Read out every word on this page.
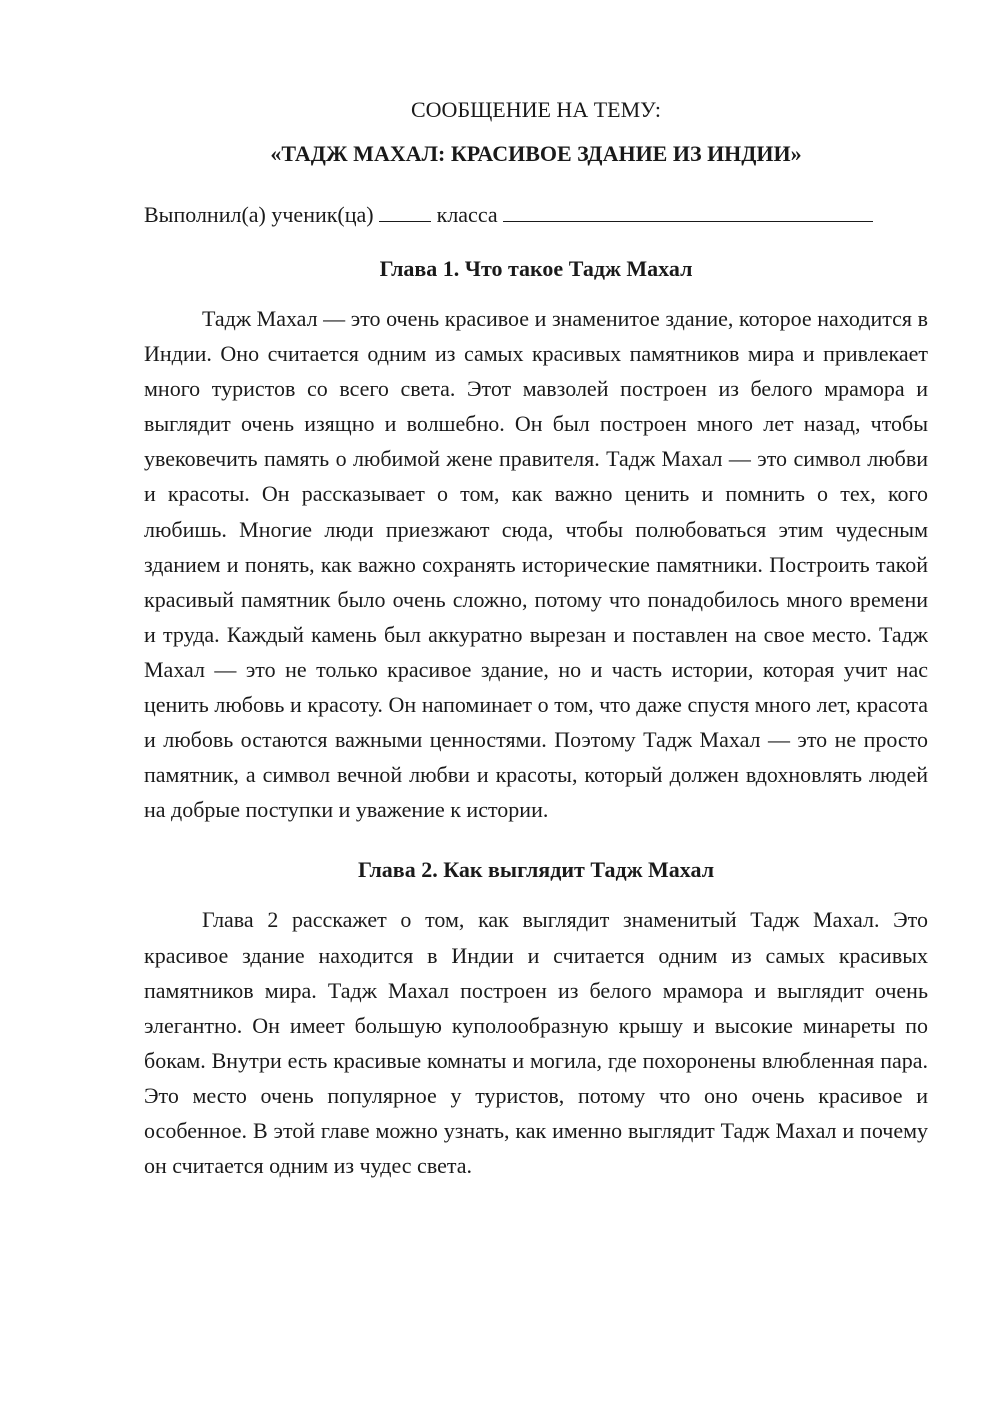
СООБЩЕНИЕ НА ТЕМУ:

«ТАДЖ МАХАЛ: КРАСИВОЕ ЗДАНИЕ ИЗ ИНДИИ»

Выполнил(а) ученик(ца)	класса

Глава 1. Что такое Тадж Махал

Тадж Махал — это очень красивое и знаменитое здание, которое находится в Индии. Оно считается одним из самых красивых памятников мира и привлекает много туристов со всего света. Этот мавзолей построен из белого мрамора и выглядит очень изящно и волшебно. Он был построен много лет назад, чтобы увековечить память о любимой жене правителя. Тадж Махал — это символ любви и красоты. Он рассказывает о том, как важно ценить и помнить о тех, кого любишь. Многие люди приезжают сюда, чтобы полюбоваться этим чудесным зданием и понять, как важно сохранять исторические памятники. Построить такой красивый памятник было очень сложно, потому что понадобилось много времени и труда. Каждый камень был аккуратно вырезан и поставлен на свое место. Тадж Махал — это не только красивое здание, но и часть истории, которая учит нас ценить любовь и красоту. Он напоминает о том, что даже спустя много лет, красота и любовь остаются важными ценностями. Поэтому Тадж Махал — это не просто памятник, а символ вечной любви и красоты, который должен вдохновлять людей на добрые поступки и уважение к истории.

Глава 2. Как выглядит Тадж Махал

Глава 2 расскажет о том, как выглядит знаменитый Тадж Махал. Это красивое здание находится в Индии и считается одним из самых красивых памятников мира. Тадж Махал построен из белого мрамора и выглядит очень элегантно. Он имеет большую куполообразную крышу и высокие минареты по бокам. Внутри есть красивые комнаты и могила, где похоронены влюбленная пара. Это место очень популярное у туристов, потому что оно очень красивое и особенное. В этой главе можно узнать, как именно выглядит Тадж Махал и почему он считается одним из чудес света.
